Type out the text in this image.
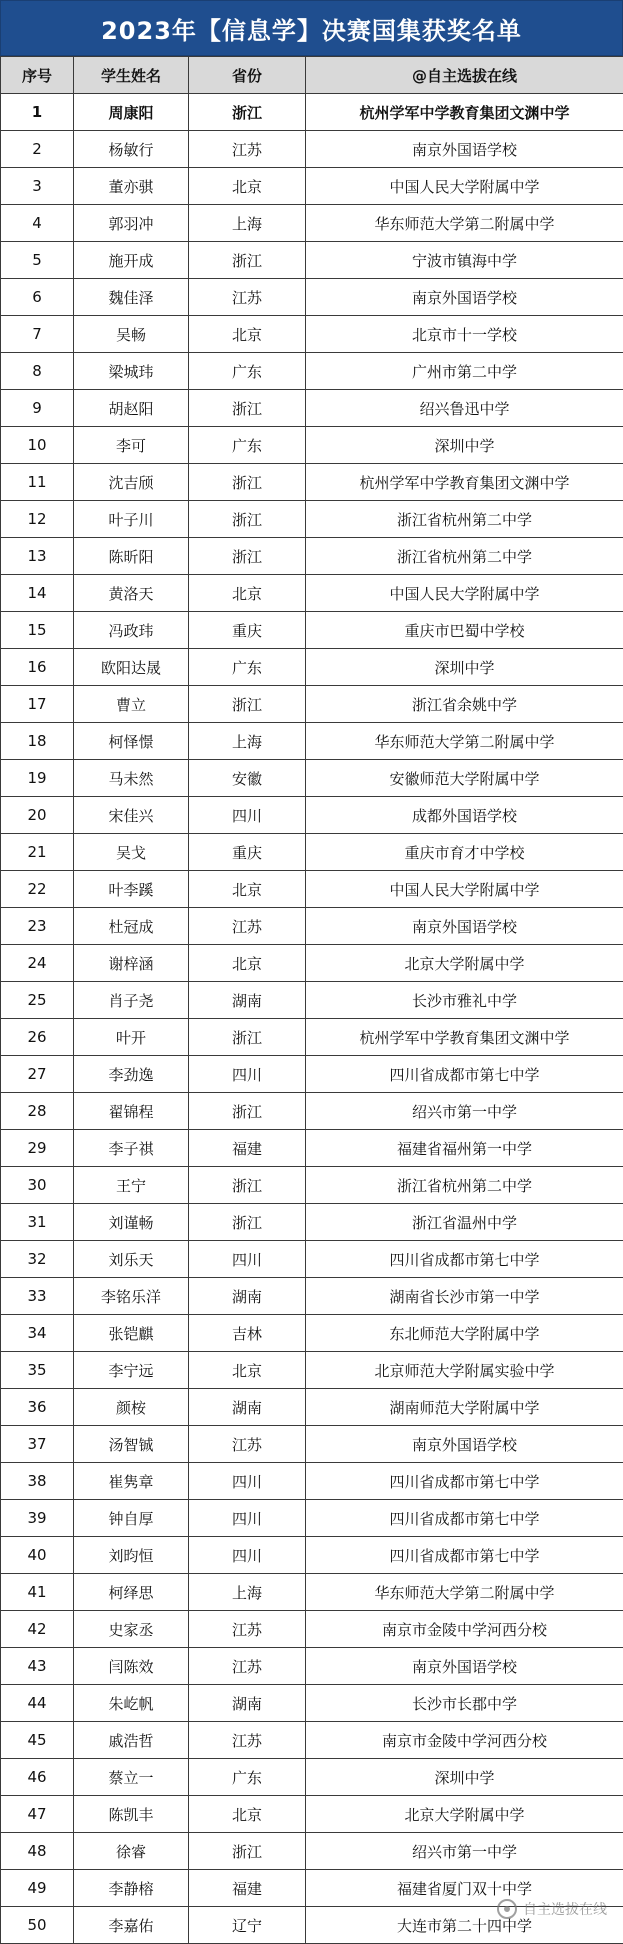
2023年【信息学】决赛国集获奖名单
序号	学生姓名	省份	@自主选拔在线
1	周康阳	浙江	杭州学军中学教育集团文渊中学
2	杨敏行	江苏	南京外国语学校
3	董亦骐	北京	中国人民大学附属中学
4	郭羽冲	上海	华东师范大学第二附属中学
5	施开成	浙江	宁波市镇海中学
6	魏佳泽	江苏	南京外国语学校
7	吴畅	北京	北京市十一学校
8	梁城玮	广东	广州市第二中学
9	胡赵阳	浙江	绍兴鲁迅中学
10	李可	广东	深圳中学
11	沈吉颀	浙江	杭州学军中学教育集团文渊中学
12	叶子川	浙江	浙江省杭州第二中学
13	陈昕阳	浙江	浙江省杭州第二中学
14	黄洛天	北京	中国人民大学附属中学
15	冯政玮	重庆	重庆市巴蜀中学校
16	欧阳达晟	广东	深圳中学
17	曹立	浙江	浙江省余姚中学
18	柯怿憬	上海	华东师范大学第二附属中学
19	马未然	安徽	安徽师范大学附属中学
20	宋佳兴	四川	成都外国语学校
21	吴戈	重庆	重庆市育才中学校
22	叶李蹊	北京	中国人民大学附属中学
23	杜冠成	江苏	南京外国语学校
24	谢梓涵	北京	北京大学附属中学
25	肖子尧	湖南	长沙市雅礼中学
26	叶开	浙江	杭州学军中学教育集团文渊中学
27	李劲逸	四川	四川省成都市第七中学
28	翟锦程	浙江	绍兴市第一中学
29	李子祺	福建	福建省福州第一中学
30	王宁	浙江	浙江省杭州第二中学
31	刘谨畅	浙江	浙江省温州中学
32	刘乐天	四川	四川省成都市第七中学
33	李铭乐洋	湖南	湖南省长沙市第一中学
34	张铠麒	吉林	东北师范大学附属中学
35	李宁远	北京	北京师范大学附属实验中学
36	颜桉	湖南	湖南师范大学附属中学
37	汤智铖	江苏	南京外国语学校
38	崔隽章	四川	四川省成都市第七中学
39	钟自厚	四川	四川省成都市第七中学
40	刘昀恒	四川	四川省成都市第七中学
41	柯绎思	上海	华东师范大学第二附属中学
42	史家丞	江苏	南京市金陵中学河西分校
43	闫陈效	江苏	南京外国语学校
44	朱屹帆	湖南	长沙市长郡中学
45	戚浩哲	江苏	南京市金陵中学河西分校
46	蔡立一	广东	深圳中学
47	陈凯丰	北京	北京大学附属中学
48	徐睿	浙江	绍兴市第一中学
49	李静榕	福建	福建省厦门双十中学
50	李嘉佑	辽宁	大连市第二十四中学
自主选拔在线
